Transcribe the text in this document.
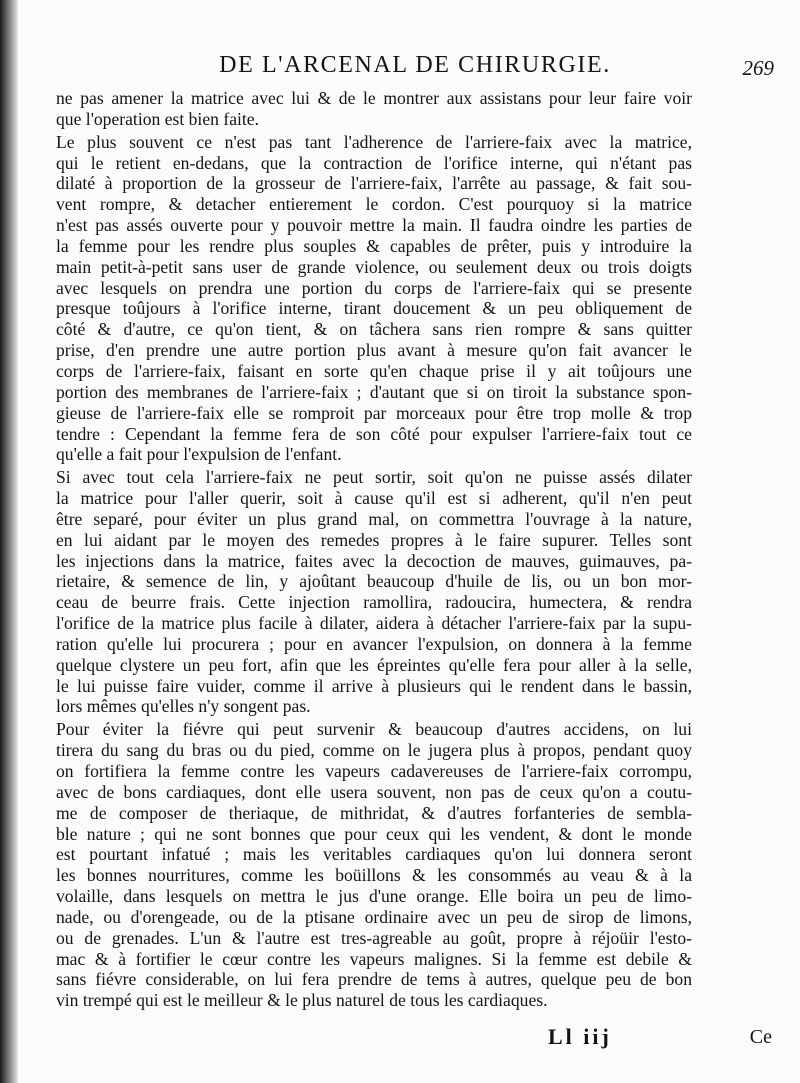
DE L'ARCENAL DE CHIRURGIE.	269
ne pas amener la matrice avec lui & de le montrer aux assistans pour leur faire voir
que l'operation est bien faite.
Le plus souvent ce n'est pas tant l'adherence de l'arriere-faix avec la matrice,
qui le retient en-dedans, que la contraction de l'orifice interne, qui n'étant pas
dilaté à proportion de la grosseur de l'arriere-faix, l'arrête au passage, & fait sou-
vent rompre, & detacher entierement le cordon. C'est pourquoy si la matrice
n'est pas assés ouverte pour y pouvoir mettre la main. Il faudra oindre les parties de
la femme pour les rendre plus souples & capables de prêter, puis y introduire la
main petit-à-petit sans user de grande violence, ou seulement deux ou trois doigts
avec lesquels on prendra une portion du corps de l'arriere-faix qui se presente
presque toûjours à l'orifice interne, tirant doucement & un peu obliquement de
côté & d'autre, ce qu'on tient, & on tâchera sans rien rompre & sans quitter
prise, d'en prendre une autre portion plus avant à mesure qu'on fait avancer le
corps de l'arriere-faix, faisant en sorte qu'en chaque prise il y ait toûjours une
portion des membranes de l'arriere-faix ; d'autant que si on tiroit la substance spon-
gieuse de l'arriere-faix elle se romproit par morceaux pour être trop molle & trop
tendre : Cependant la femme fera de son côté pour expulser l'arriere-faix tout ce
qu'elle a fait pour l'expulsion de l'enfant.
Si avec tout cela l'arriere-faix ne peut sortir, soit qu'on ne puisse assés dilater
la matrice pour l'aller querir, soit à cause qu'il est si adherent, qu'il n'en peut
être separé, pour éviter un plus grand mal, on commettra l'ouvrage à la nature,
en lui aidant par le moyen des remedes propres à le faire supurer. Telles sont
les injections dans la matrice, faites avec la decoction de mauves, guimauves, pa-
rietaire, & semence de lin, y ajoûtant beaucoup d'huile de lis, ou un bon mor-
ceau de beurre frais. Cette injection ramollira, radoucira, humectera, & rendra
l'orifice de la matrice plus facile à dilater, aidera à détacher l'arriere-faix par la supu-
ration qu'elle lui procurera ; pour en avancer l'expulsion, on donnera à la femme
quelque clystere un peu fort, afin que les épreintes qu'elle fera pour aller à la selle,
le lui puisse faire vuider, comme il arrive à plusieurs qui le rendent dans le bassin,
lors mêmes qu'elles n'y songent pas.
Pour éviter la fiévre qui peut survenir & beaucoup d'autres accidens, on lui
tirera du sang du bras ou du pied, comme on le jugera plus à propos, pendant quoy
on fortifiera la femme contre les vapeurs cadavereuses de l'arriere-faix corrompu,
avec de bons cardiaques, dont elle usera souvent, non pas de ceux qu'on a coutu-
me de composer de theriaque, de mithridat, & d'autres forfanteries de sembla-
ble nature ; qui ne sont bonnes que pour ceux qui les vendent, & dont le monde
est pourtant infatué ; mais les veritables cardiaques qu'on lui donnera seront
les bonnes nourritures, comme les boüillons & les consommés au veau & à la
volaille, dans lesquels on mettra le jus d'une orange. Elle boira un peu de limo-
nade, ou d'orengeade, ou de la ptisane ordinaire avec un peu de sirop de limons,
ou de grenades. L'un & l'autre est tres-agreable au goût, propre à réjoüir l'esto-
mac & à fortifier le cœur contre les vapeurs malignes. Si la femme est debile &
sans fiévre considerable, on lui fera prendre de tems à autres, quelque peu de bon
vin trempé qui est le meilleur & le plus naturel de tous les cardiaques.
Ll iij	Ce
